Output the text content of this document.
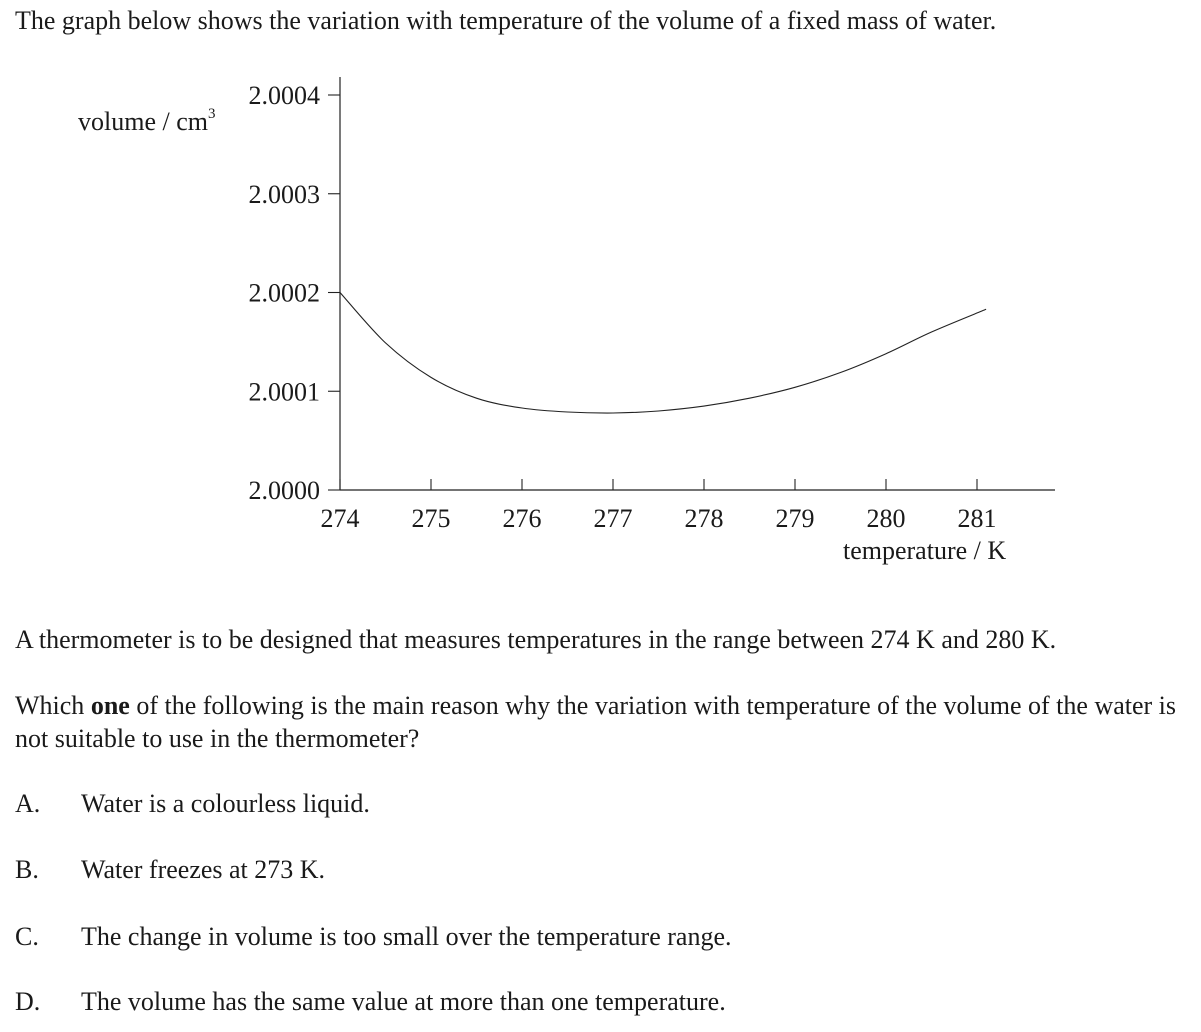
The graph below shows the variation with temperature of the volume of a fixed mass of water.
2.0000
2.0001
2.0002
2.0003
2.0004
274 275 276 277 278 279 280 281
volume / $cm^3$
temperature / K
A thermometer is to be designed that measures temperatures in the range between 274 K and 280 K.
Which one of the following is the main reason why the variation with temperature of the volume of the water is not suitable to use in the thermometer?
A. Water is a colourless liquid.
B. Water freezes at 273 K.
C. The change in volume is too small over the temperature range.
D. The volume has the same value at more than one temperature.
